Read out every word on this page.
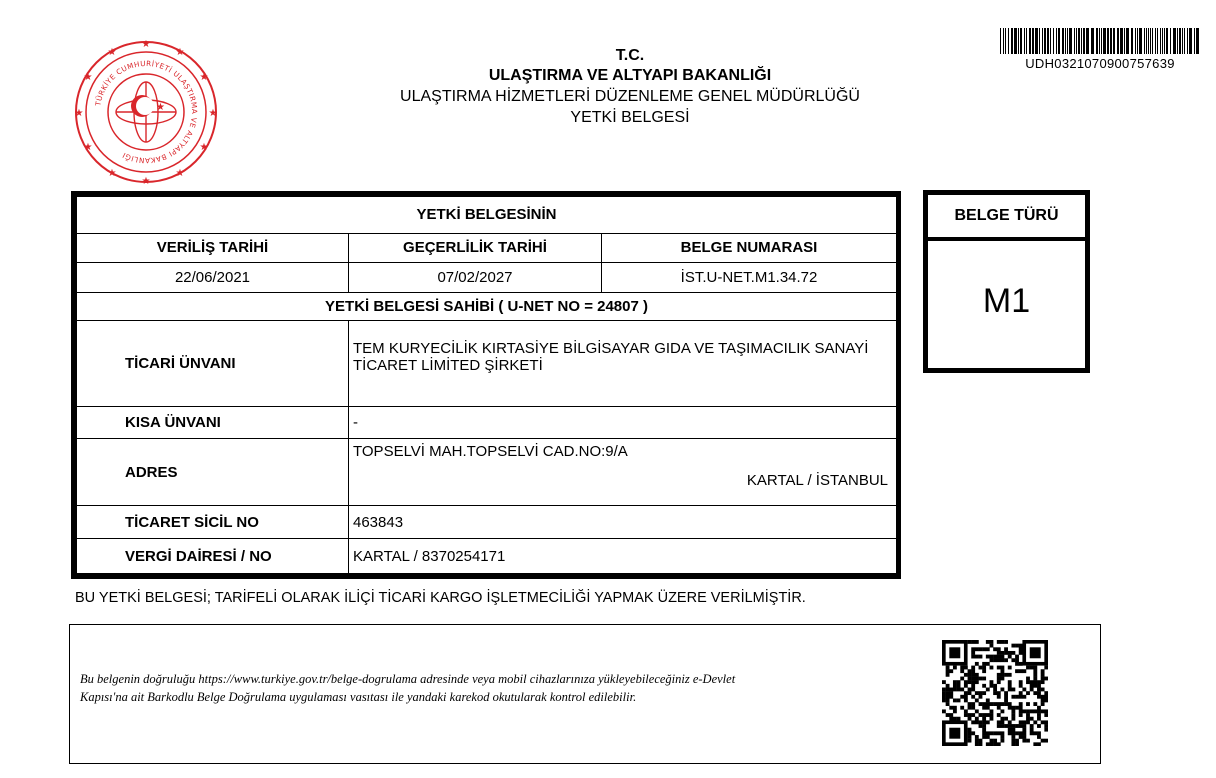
★
★
★
★
★
★
★
★
★
★
★
★
TÜRKİYE CUMHURİYETİ ULAŞTIRMA VE ALTYAPI BAKANLIĞI
★
T.C.
ULAŞTIRMA VE ALTYAPI BAKANLIĞI
ULAŞTIRMA HİZMETLERİ DÜZENLEME GENEL MÜDÜRLÜĞÜ
YETKİ BELGESİ
UDH0321070900757639
YETKİ BELGESİNİN		
VERİLİŞ TARİHİ	GEÇERLİLİK TARİHİ	BELGE NUMARASI
22/06/2021	07/02/2027	İST.U-NET.M1.34.72
YETKİ BELGESİ SAHİBİ ( U-NET NO = 24807 )		
TİCARİ ÜNVANI	TEM KURYECİLİK KIRTASİYE BİLGİSAYAR GIDA VE TAŞIMACILIK SANAYİ
TİCARET LİMİTED ŞİRKETİ	

KISA ÜNVANI	-	
ADRES	TOPSELVİ MAH.TOPSELVİ CAD.NO:9/A
KARTAL / İSTANBUL	

TİCARET SİCİL NO	463843	
VERGİ DAİRESİ / NO	KARTAL / 8370254171	
BELGE TÜRÜ
M1
BU YETKİ BELGESİ; TARİFELİ OLARAK İLİÇİ TİCARİ KARGO İŞLETMECİLİĞİ YAPMAK ÜZERE VERİLMİŞTİR.
Bu belgenin doğruluğu https://www.turkiye.gov.tr/belge-dogrulama adresinde veya mobil cihazlarınıza yükleyebileceğiniz e-Devlet
Kapısı'na ait Barkodlu Belge Doğrulama uygulaması vasıtası ile yandaki karekod okutularak kontrol edilebilir.
